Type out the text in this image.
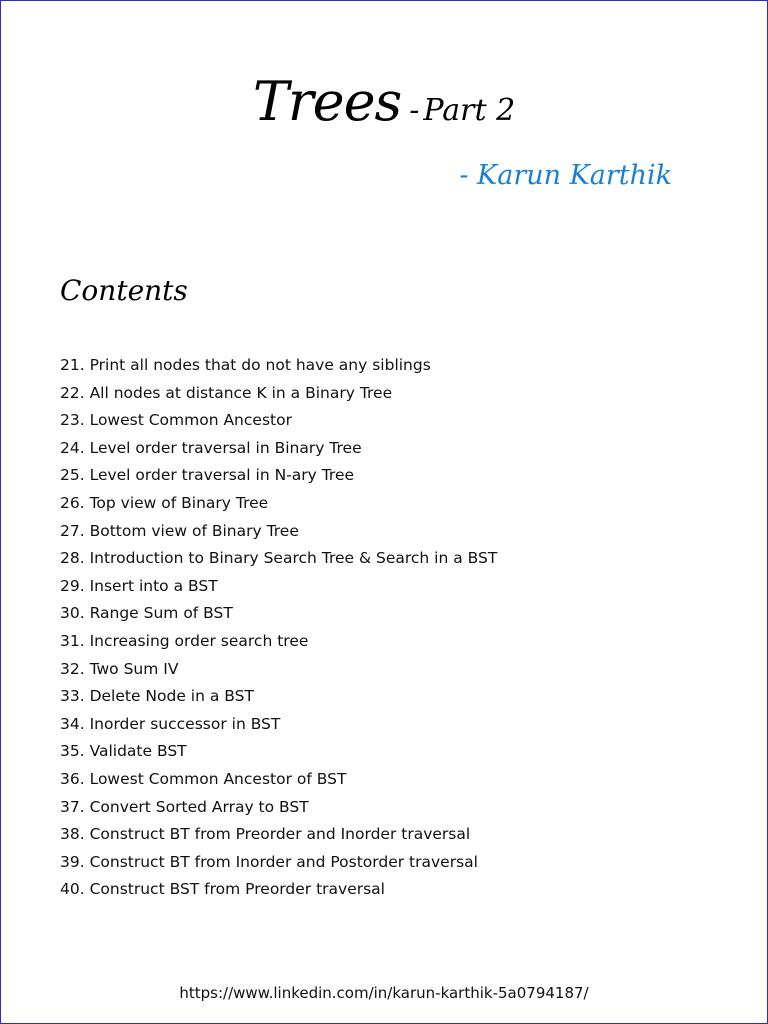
Trees - Part 2
- Karun Karthik
Contents
21. Print all nodes that do not have any siblings
22. All nodes at distance K in a Binary Tree
23. Lowest Common Ancestor
24. Level order traversal in Binary Tree
25. Level order traversal in N-ary Tree
26. Top view of Binary Tree
27. Bottom view of Binary Tree
28. Introduction to Binary Search Tree & Search in a BST
29. Insert into a BST
30. Range Sum of BST
31. Increasing order search tree
32. Two Sum IV
33. Delete Node in a BST
34. Inorder successor in BST
35. Validate BST
36. Lowest Common Ancestor of BST
37. Convert Sorted Array to BST
38. Construct BT from Preorder and Inorder traversal
39. Construct BT from Inorder and Postorder traversal
40. Construct BST from Preorder traversal
https://www.linkedin.com/in/karun-karthik-5a0794187/
